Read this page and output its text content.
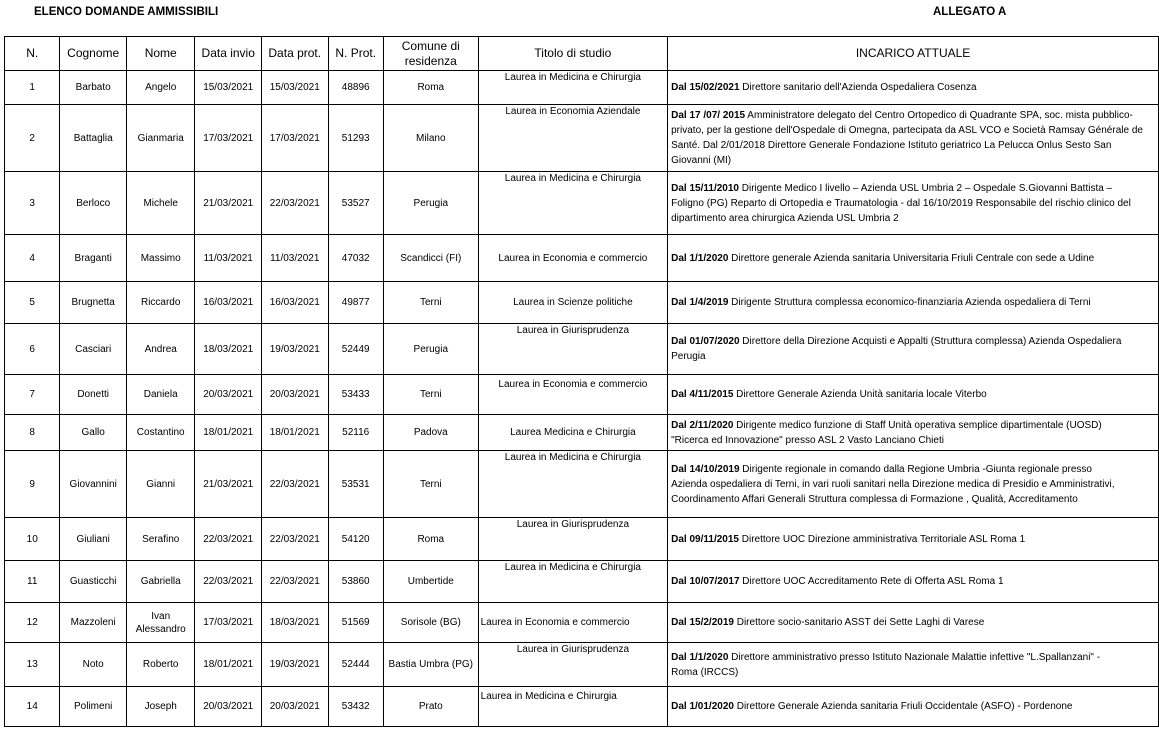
ELENCO DOMANDE AMMISSIBILI	ALLEGATO A
N.	Cognome	Nome	Data invio	Data prot.	N. Prot.	Comune di residenza	Titolo di studio	INCARICO ATTUALE
1	Barbato	Angelo	15/03/2021	15/03/2021	48896	Roma	Laurea in Medicina e Chirurgia	Dal 15/02/2021 Direttore sanitario dell'Azienda Ospedaliera Cosenza
2	Battaglia	Gianmaria	17/03/2021	17/03/2021	51293	Milano	Laurea in Economia Aziendale	Dal 17 /07/ 2015 Amministratore delegato del Centro Ortopedico di Quadrante SPA, soc. mista pubblico-
privato, per la gestione dell'Ospedale di Omegna, partecipata da ASL VCO e Società Ramsay Générale de
Santé. Dal 2/01/2018 Direttore Generale Fondazione Istituto geriatrico La Pelucca Onlus Sesto San
Giovanni (MI)
3	Berloco	Michele	21/03/2021	22/03/2021	53527	Perugia	Laurea in Medicina e Chirurgia	Dal 15/11/2010 Dirigente Medico I livello – Azienda USL Umbria 2 – Ospedale S.Giovanni Battista –
Foligno (PG) Reparto di Ortopedia e Traumatologia - dal 16/10/2019 Responsabile del rischio clinico del
dipartimento area chirurgica Azienda USL Umbria 2
4	Braganti	Massimo	11/03/2021	11/03/2021	47032	Scandicci (FI)	Laurea in Economia e commercio	Dal 1/1/2020 Direttore generale Azienda sanitaria Universitaria Friuli Centrale con sede a Udine
5	Brugnetta	Riccardo	16/03/2021	16/03/2021	49877	Terni	Laurea in Scienze politiche	Dal 1/4/2019 Dirigente Struttura complessa economico-finanziaria Azienda ospedaliera di Terni
6	Casciari	Andrea	18/03/2021	19/03/2021	52449	Perugia	Laurea in Giurisprudenza	Dal 01/07/2020 Direttore della Direzione Acquisti e Appalti (Struttura complessa) Azienda Ospedaliera
Perugia
7	Donetti	Daniela	20/03/2021	20/03/2021	53433	Terni	Laurea in Economia e commercio	Dal 4/11/2015 Direttore Generale Azienda Unità sanitaria locale Viterbo
8	Gallo	Costantino	18/01/2021	18/01/2021	52116	Padova	Laurea Medicina e Chirurgia	Dal 2/11/2020 Dirigente medico funzione di Staff Unità operativa semplice dipartimentale (UOSD)
"Ricerca ed Innovazione" presso ASL 2 Vasto Lanciano Chieti
9	Giovannini	Gianni	21/03/2021	22/03/2021	53531	Terni	Laurea in Medicina e Chirurgia	Dal 14/10/2019 Dirigente regionale in comando dalla Regione Umbria -Giunta regionale presso
Azienda ospedaliera di Terni, in vari ruoli sanitari nella Direzione medica di Presidio e Amministrativi,
Coordinamento Affari Generali Struttura complessa di Formazione , Qualità, Accreditamento
10	Giuliani	Serafino	22/03/2021	22/03/2021	54120	Roma	Laurea in Giurisprudenza	Dal 09/11/2015 Direttore UOC Direzione amministrativa Territoriale ASL Roma 1
11	Guasticchi	Gabriella	22/03/2021	22/03/2021	53860	Umbertide	Laurea in Medicina e Chirurgia	Dal 10/07/2017 Direttore UOC Accreditamento Rete di Offerta ASL Roma 1
12	Mazzoleni	Ivan Alessandro	17/03/2021	18/03/2021	51569	Sorisole (BG)	Laurea in Economia e commercio	Dal 15/2/2019 Direttore socio-sanitario ASST dei Sette Laghi di Varese
13	Noto	Roberto	18/01/2021	19/03/2021	52444	Bastia Umbra (PG)	Laurea in Giurisprudenza	Dal 1/1/2020 Direttore amministrativo presso Istituto Nazionale Malattie infettive "L.Spallanzani" -
Roma (IRCCS)
14	Polimeni	Joseph	20/03/2021	20/03/2021	53432	Prato	Laurea in Medicina e Chirurgia	Dal 1/01/2020 Direttore Generale Azienda sanitaria Friuli Occidentale (ASFO) - Pordenone
